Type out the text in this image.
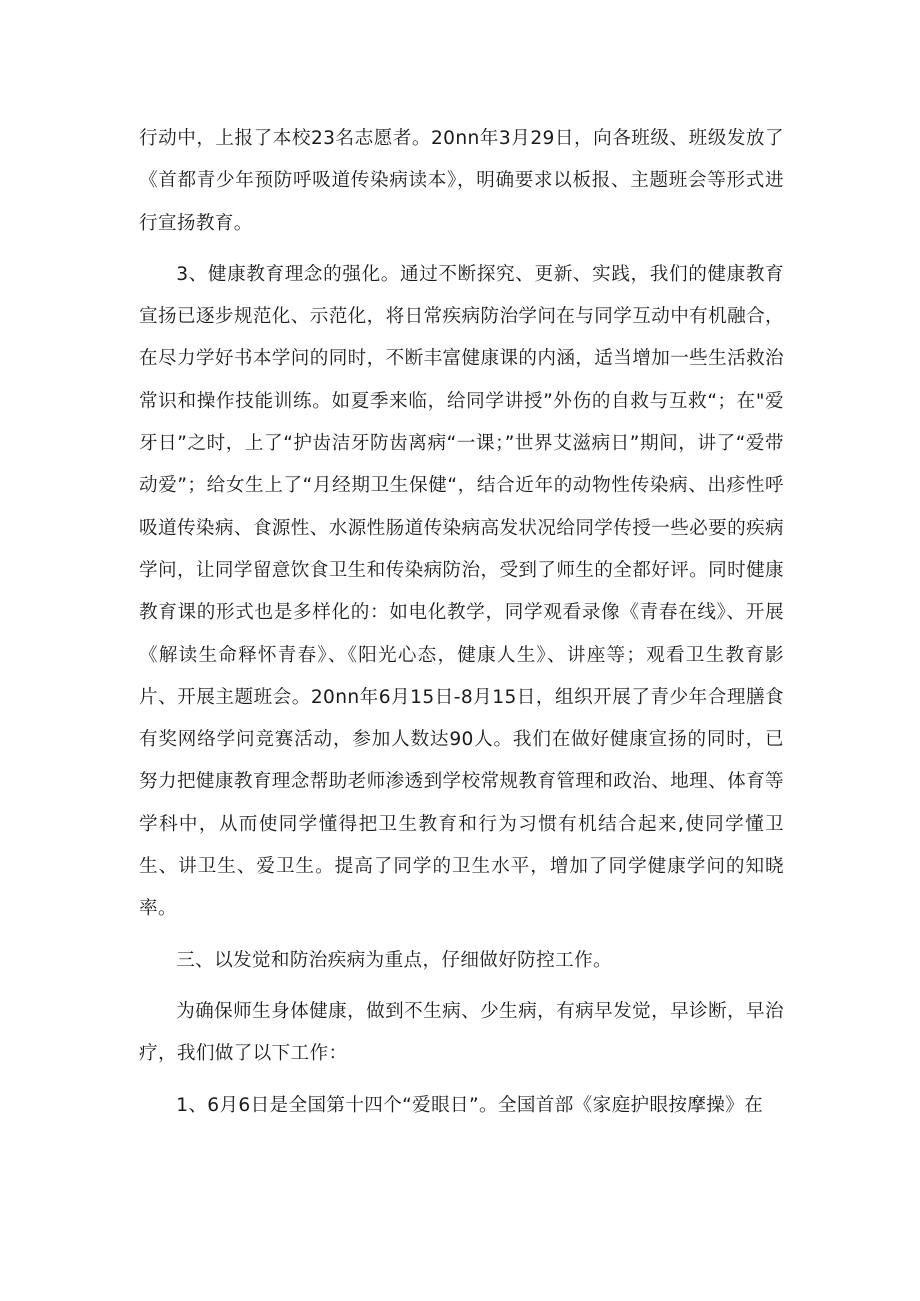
行动中，上报了本校23名志愿者。20nn年3月29日，向各班级、班级发放了《首都青少年预防呼吸道传染病读本》，明确要求以板报、主题班会等形式进行宣扬教育。

3、健康教育理念的强化。通过不断探究、更新、实践，我们的健康教育宣扬已逐步规范化、示范化，将日常疾病防治学问在与同学互动中有机融合，在尽力学好书本学问的同时，不断丰富健康课的内涵，适当增加一些生活救治常识和操作技能训练。如夏季来临，给同学讲授”外伤的自救与互救“；在"爱牙日”之时，上了“护齿洁牙防齿离病“一课；”世界艾滋病日”期间，讲了“爱带动爱”；给女生上了“月经期卫生保健“，结合近年的动物性传染病、出疹性呼吸道传染病、食源性、水源性肠道传染病高发状况给同学传授一些必要的疾病学问，让同学留意饮食卫生和传染病防治，受到了师生的全都好评。同时健康教育课的形式也是多样化的：如电化教学，同学观看录像《青春在线》、开展《解读生命释怀青春》、《阳光心态，健康人生》、讲座等；观看卫生教育影片、开展主题班会。20nn年6月15日-8月15日，组织开展了青少年合理膳食有奖网络学问竞赛活动，参加人数达90人。我们在做好健康宣扬的同时，已努力把健康教育理念帮助老师渗透到学校常规教育管理和政治、地理、体育等学科中，从而使同学懂得把卫生教育和行为习惯有机结合起来,使同学懂卫生、讲卫生、爱卫生。提高了同学的卫生水平，增加了同学健康学问的知晓率。

三、以发觉和防治疾病为重点，仔细做好防控工作。

为确保师生身体健康，做到不生病、少生病，有病早发觉，早诊断，早治疗，我们做了以下工作：

1、6月6日是全国第十四个“爱眼日”。全国首部《家庭护眼按摩操》在
